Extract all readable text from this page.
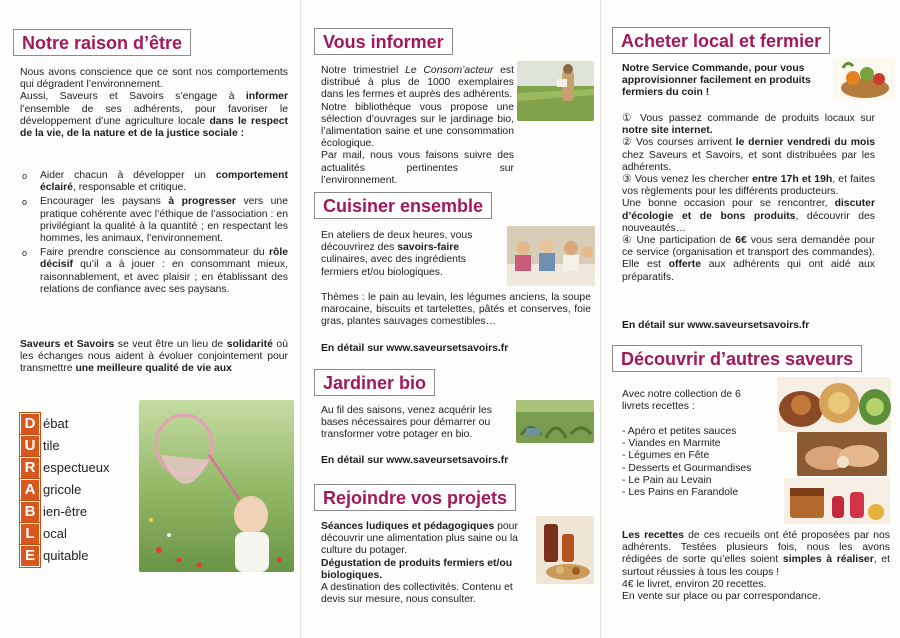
Notre raison d’être
Nous avons conscience que ce sont nos comportements qui dégradent l’environnement.
Aussi, Saveurs et Savoirs s’engage à informer l’ensemble de ses adhérents, pour favoriser le développement d’une agriculture locale dans le respect de la vie, de la nature et de la justice sociale :
o Aider chacun à développer un comportement éclairé, responsable et critique.
o Encourager les paysans à progresser vers une pratique cohérente avec l’éthique de l’association : en privilégiant la qualité à la quantité ; en respectant les hommes, les animaux, l’environnement.
o Faire prendre conscience au consommateur du rôle décisif qu’il a à jouer : en consommant mieux, raisonnablement, et avec plaisir ; en établissant des relations de confiance avec ses paysans.
Saveurs et Savoirs se veut être un lieu de solidarité où les échanges nous aident à évoluer conjointement pour transmettre une meilleure qualité de vie aux
D ébat
U tile
R espectueux
A gricole
B ien-être
L ocal
E quitable
Vous informer
Notre trimestriel Le Consom’acteur est distribué à plus de 1000 exemplaires dans les fermes et auprès des adhérents.
Notre bibliothèque vous propose une sélection d’ouvrages sur le jardinage bio, l’alimentation saine et une consommation écologique.
Par mail, nous vous faisons suivre des actualités pertinentes sur l’environnement.
Cuisiner ensemble
En ateliers de deux heures, vous découvrirez des savoirs-faire culinaires, avec des ingrédients fermiers et/ou biologiques.
Thèmes : le pain au levain, les légumes anciens, la soupe marocaine, biscuits et tartelettes, pâtés et conserves, foie gras, plantes sauvages comestibles…
En détail sur www.saveursetsavoirs.fr
Jardiner bio
Au fil des saisons, venez acquérir les bases nécessaires pour démarrer ou transformer votre potager en bio.
En détail sur www.saveursetsavoirs.fr
Rejoindre vos projets
Séances ludiques et pédagogiques pour découvrir une alimentation plus saine ou la culture du potager.
Dégustation de produits fermiers et/ou biologiques.
A destination des collectivités. Contenu et devis sur mesure, nous consulter.
Acheter local et fermier
Notre Service Commande, pour vous approvisionner facilement en produits fermiers du coin !

① Vous passez commande de produits locaux sur notre site internet.

② Vos courses arrivent le dernier vendredi du mois chez Saveurs et Savoirs, et sont distribuées par les adhérents.

③ Vous venez les chercher entre 17h et 19h, et faites vos règlements pour les différents producteurs.
Une bonne occasion pour se rencontrer, discuter d’écologie et de bons produits, découvrir des nouveautés…

④ Une participation de 6€ vous sera demandée pour ce service (organisation et transport des commandes). Elle est offerte aux adhérents qui ont aidé aux préparatifs.

En détail sur www.saveursetsavoirs.fr
Découvrir d’autres saveurs
Avec notre collection de 6 livrets recettes :
- Apéro et petites sauces
- Viandes en Marmite
- Légumes en Fête
- Desserts et Gourmandises
- Le Pain au Levain
- Les Pains en Farandole
Les recettes de ces recueils ont été proposées par nos adhérents. Testées plusieurs fois, nous les avons rédigées de sorte qu’elles soient simples à réaliser, et surtout réussies à tous les coups !
4€ le livret, environ 20 recettes.
En vente sur place ou par correspondance.
